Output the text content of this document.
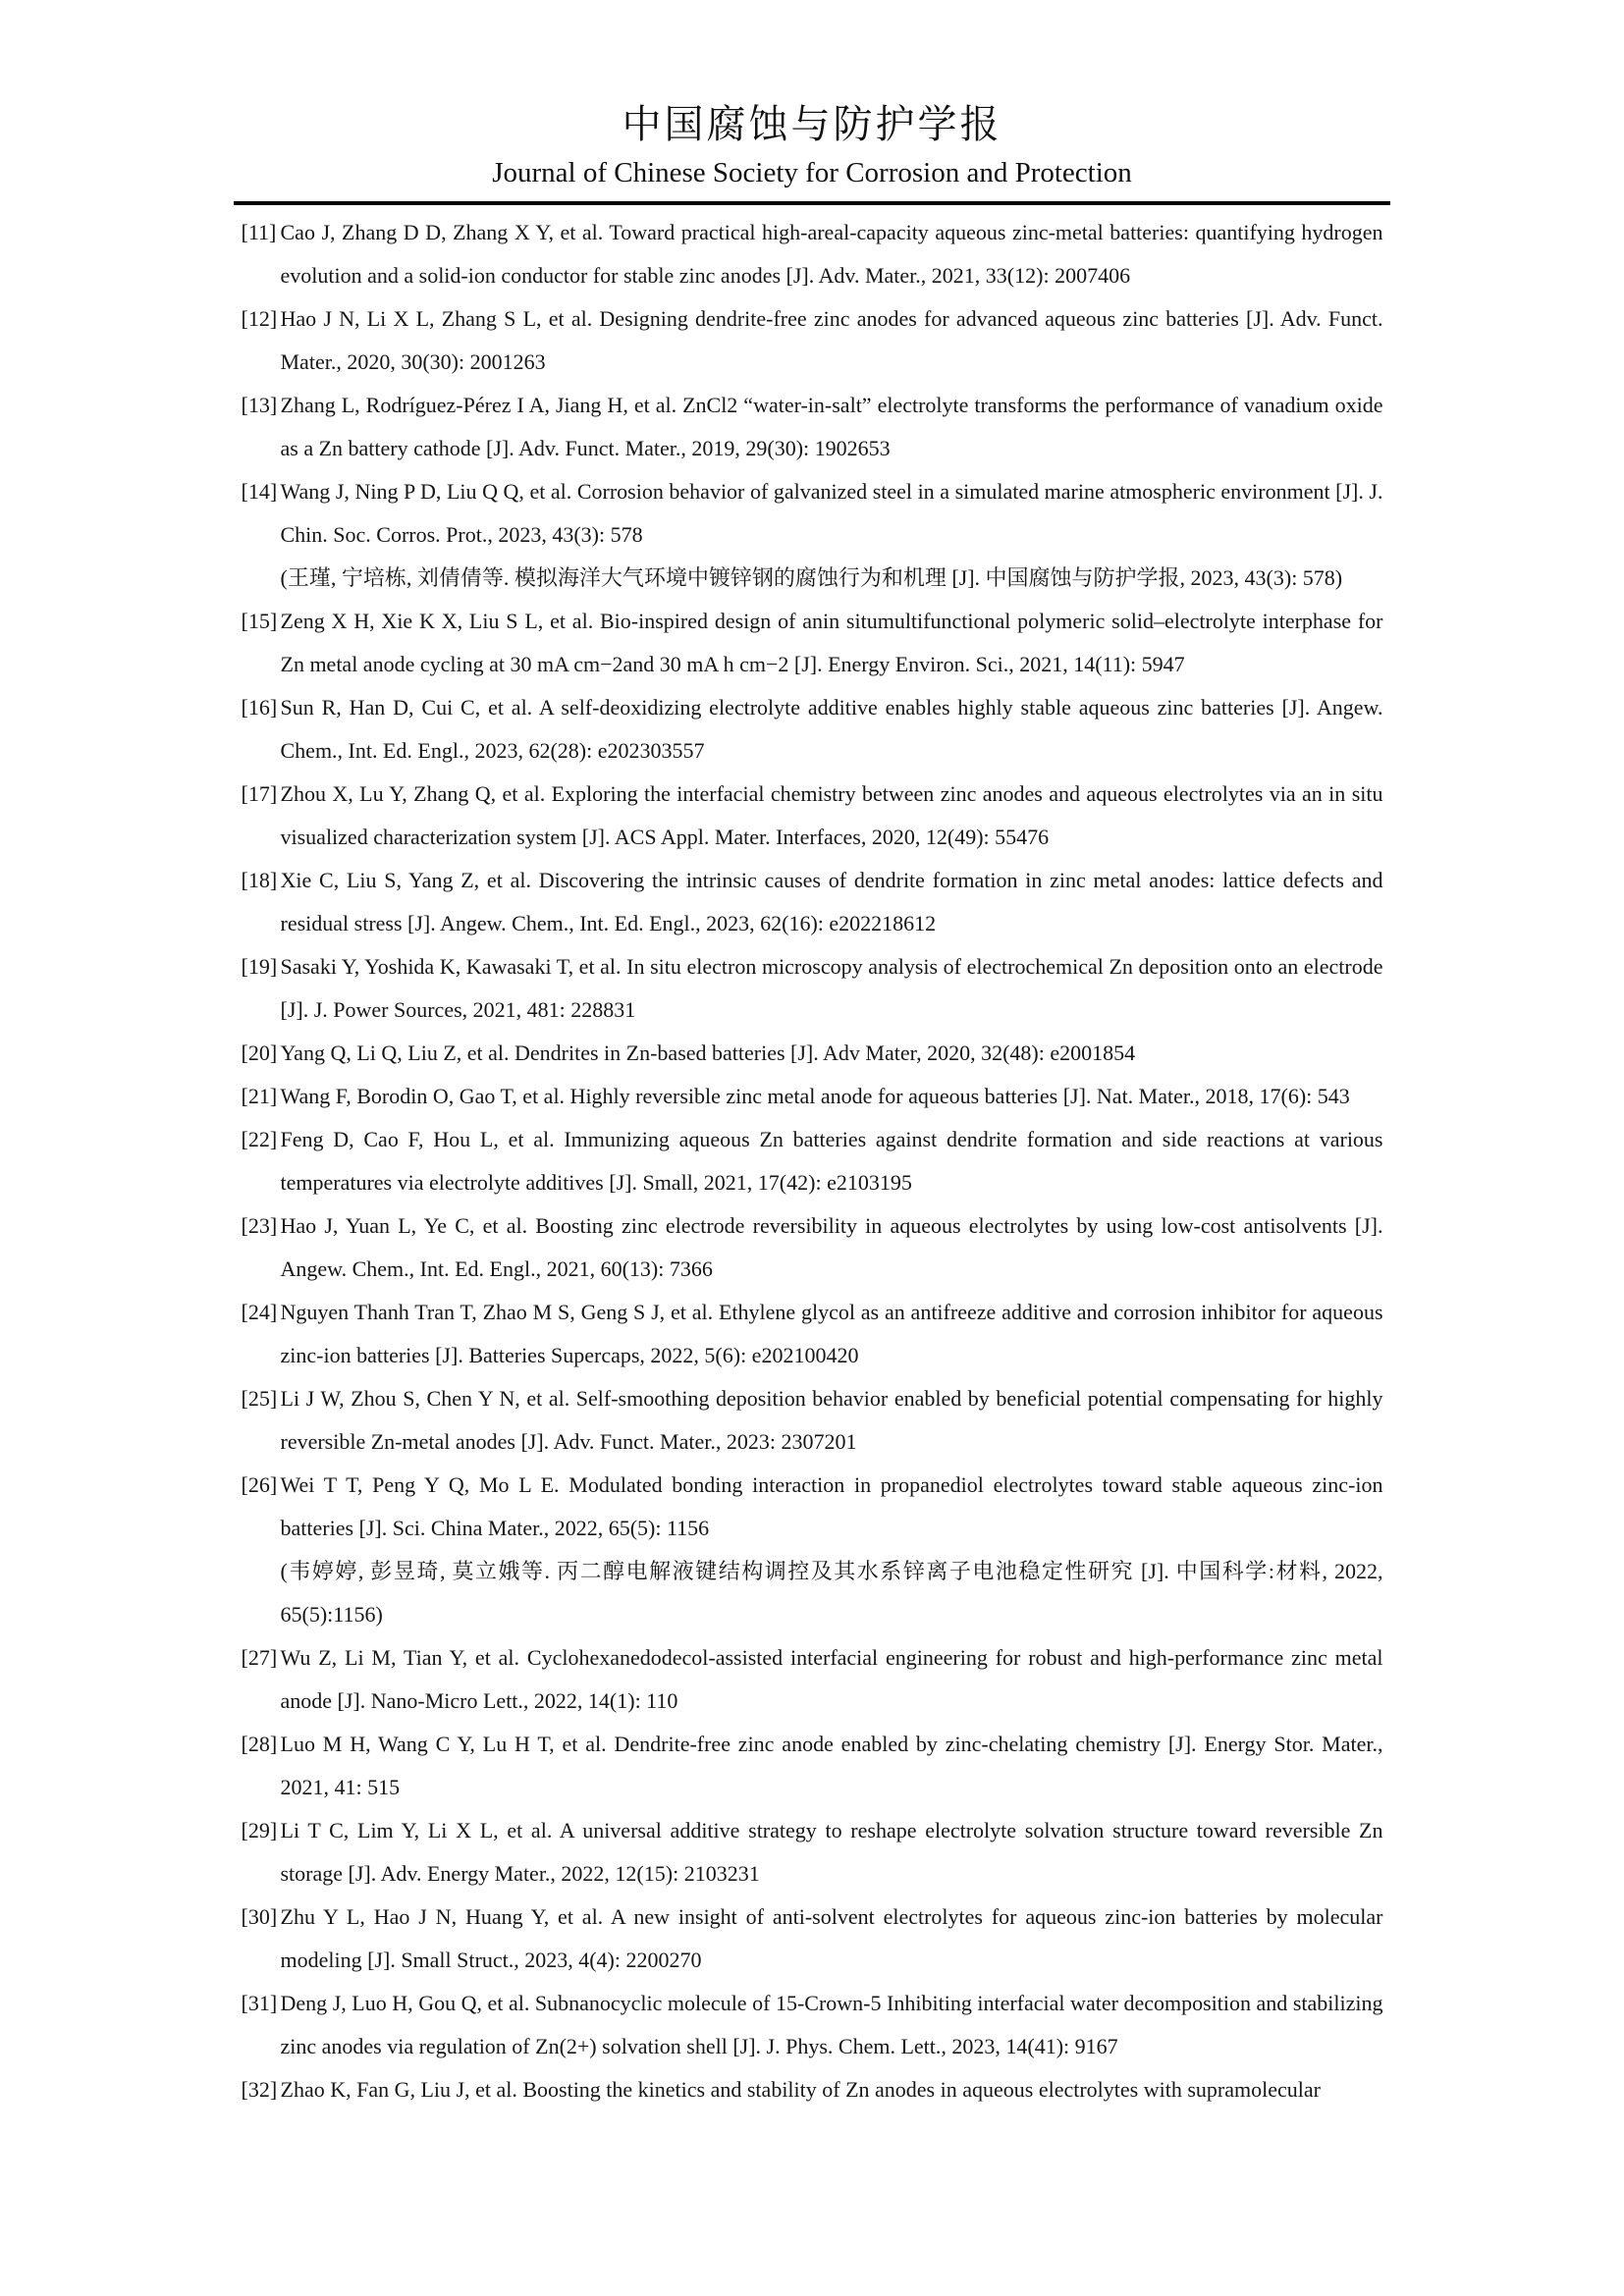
中国腐蚀与防护学报
Journal of Chinese Society for Corrosion and Protection
[11] Cao J, Zhang D D, Zhang X Y, et al. Toward practical high-areal-capacity aqueous zinc-metal batteries: quantifying hydrogen evolution and a solid-ion conductor for stable zinc anodes [J]. Adv. Mater., 2021, 33(12): 2007406
[12] Hao J N, Li X L, Zhang S L, et al. Designing dendrite-free zinc anodes for advanced aqueous zinc batteries [J]. Adv. Funct. Mater., 2020, 30(30): 2001263
[13] Zhang L, Rodríguez-Pérez I A, Jiang H, et al. ZnCl2 “water-in-salt” electrolyte transforms the performance of vanadium oxide as a Zn battery cathode [J]. Adv. Funct. Mater., 2019, 29(30): 1902653
[14] Wang J, Ning P D, Liu Q Q, et al. Corrosion behavior of galvanized steel in a simulated marine atmospheric environment [J]. J. Chin. Soc. Corros. Prot., 2023, 43(3): 578
(王瑾, 宁培栋, 刘倩倩等. 模拟海洋大气环境中镀锌钢的腐蚀行为和机理 [J]. 中国腐蚀与防护学报, 2023, 43(3): 578)
[15] Zeng X H, Xie K X, Liu S L, et al. Bio-inspired design of anin situmultifunctional polymeric solid–electrolyte interphase for Zn metal anode cycling at 30 mA cm−2and 30 mA h cm−2 [J]. Energy Environ. Sci., 2021, 14(11): 5947
[16] Sun R, Han D, Cui C, et al. A self-deoxidizing electrolyte additive enables highly stable aqueous zinc batteries [J]. Angew. Chem., Int. Ed. Engl., 2023, 62(28): e202303557
[17] Zhou X, Lu Y, Zhang Q, et al. Exploring the interfacial chemistry between zinc anodes and aqueous electrolytes via an in situ visualized characterization system [J]. ACS Appl. Mater. Interfaces, 2020, 12(49): 55476
[18] Xie C, Liu S, Yang Z, et al. Discovering the intrinsic causes of dendrite formation in zinc metal anodes: lattice defects and residual stress [J]. Angew. Chem., Int. Ed. Engl., 2023, 62(16): e202218612
[19] Sasaki Y, Yoshida K, Kawasaki T, et al. In situ electron microscopy analysis of electrochemical Zn deposition onto an electrode [J]. J. Power Sources, 2021, 481: 228831
[20] Yang Q, Li Q, Liu Z, et al. Dendrites in Zn-based batteries [J]. Adv Mater, 2020, 32(48): e2001854
[21] Wang F, Borodin O, Gao T, et al. Highly reversible zinc metal anode for aqueous batteries [J]. Nat. Mater., 2018, 17(6): 543
[22] Feng D, Cao F, Hou L, et al. Immunizing aqueous Zn batteries against dendrite formation and side reactions at various temperatures via electrolyte additives [J]. Small, 2021, 17(42): e2103195
[23] Hao J, Yuan L, Ye C, et al. Boosting zinc electrode reversibility in aqueous electrolytes by using low-cost antisolvents [J]. Angew. Chem., Int. Ed. Engl., 2021, 60(13): 7366
[24] Nguyen Thanh Tran T, Zhao M S, Geng S J, et al. Ethylene glycol as an antifreeze additive and corrosion inhibitor for aqueous zinc-ion batteries [J]. Batteries Supercaps, 2022, 5(6): e202100420
[25] Li J W, Zhou S, Chen Y N, et al. Self-smoothing deposition behavior enabled by beneficial potential compensating for highly reversible Zn-metal anodes [J]. Adv. Funct. Mater., 2023: 2307201
[26] Wei T T, Peng Y Q, Mo L E. Modulated bonding interaction in propanediol electrolytes toward stable aqueous zinc-ion batteries [J]. Sci. China Mater., 2022, 65(5): 1156
(韦婷婷, 彭昱琦, 莫立娥等. 丙二醇电解液键结构调控及其水系锌离子电池稳定性研究 [J]. 中国科学:材料, 2022, 65(5):1156)
[27] Wu Z, Li M, Tian Y, et al. Cyclohexanedodecol-assisted interfacial engineering for robust and high-performance zinc metal anode [J]. Nano-Micro Lett., 2022, 14(1): 110
[28] Luo M H, Wang C Y, Lu H T, et al. Dendrite-free zinc anode enabled by zinc-chelating chemistry [J]. Energy Stor. Mater., 2021, 41: 515
[29] Li T C, Lim Y, Li X L, et al. A universal additive strategy to reshape electrolyte solvation structure toward reversible Zn storage [J]. Adv. Energy Mater., 2022, 12(15): 2103231
[30] Zhu Y L, Hao J N, Huang Y, et al. A new insight of anti-solvent electrolytes for aqueous zinc-ion batteries by molecular modeling [J]. Small Struct., 2023, 4(4): 2200270
[31] Deng J, Luo H, Gou Q, et al. Subnanocyclic molecule of 15-Crown-5 Inhibiting interfacial water decomposition and stabilizing zinc anodes via regulation of Zn(2+) solvation shell [J]. J. Phys. Chem. Lett., 2023, 14(41): 9167
[32] Zhao K, Fan G, Liu J, et al. Boosting the kinetics and stability of Zn anodes in aqueous electrolytes with supramolecular
